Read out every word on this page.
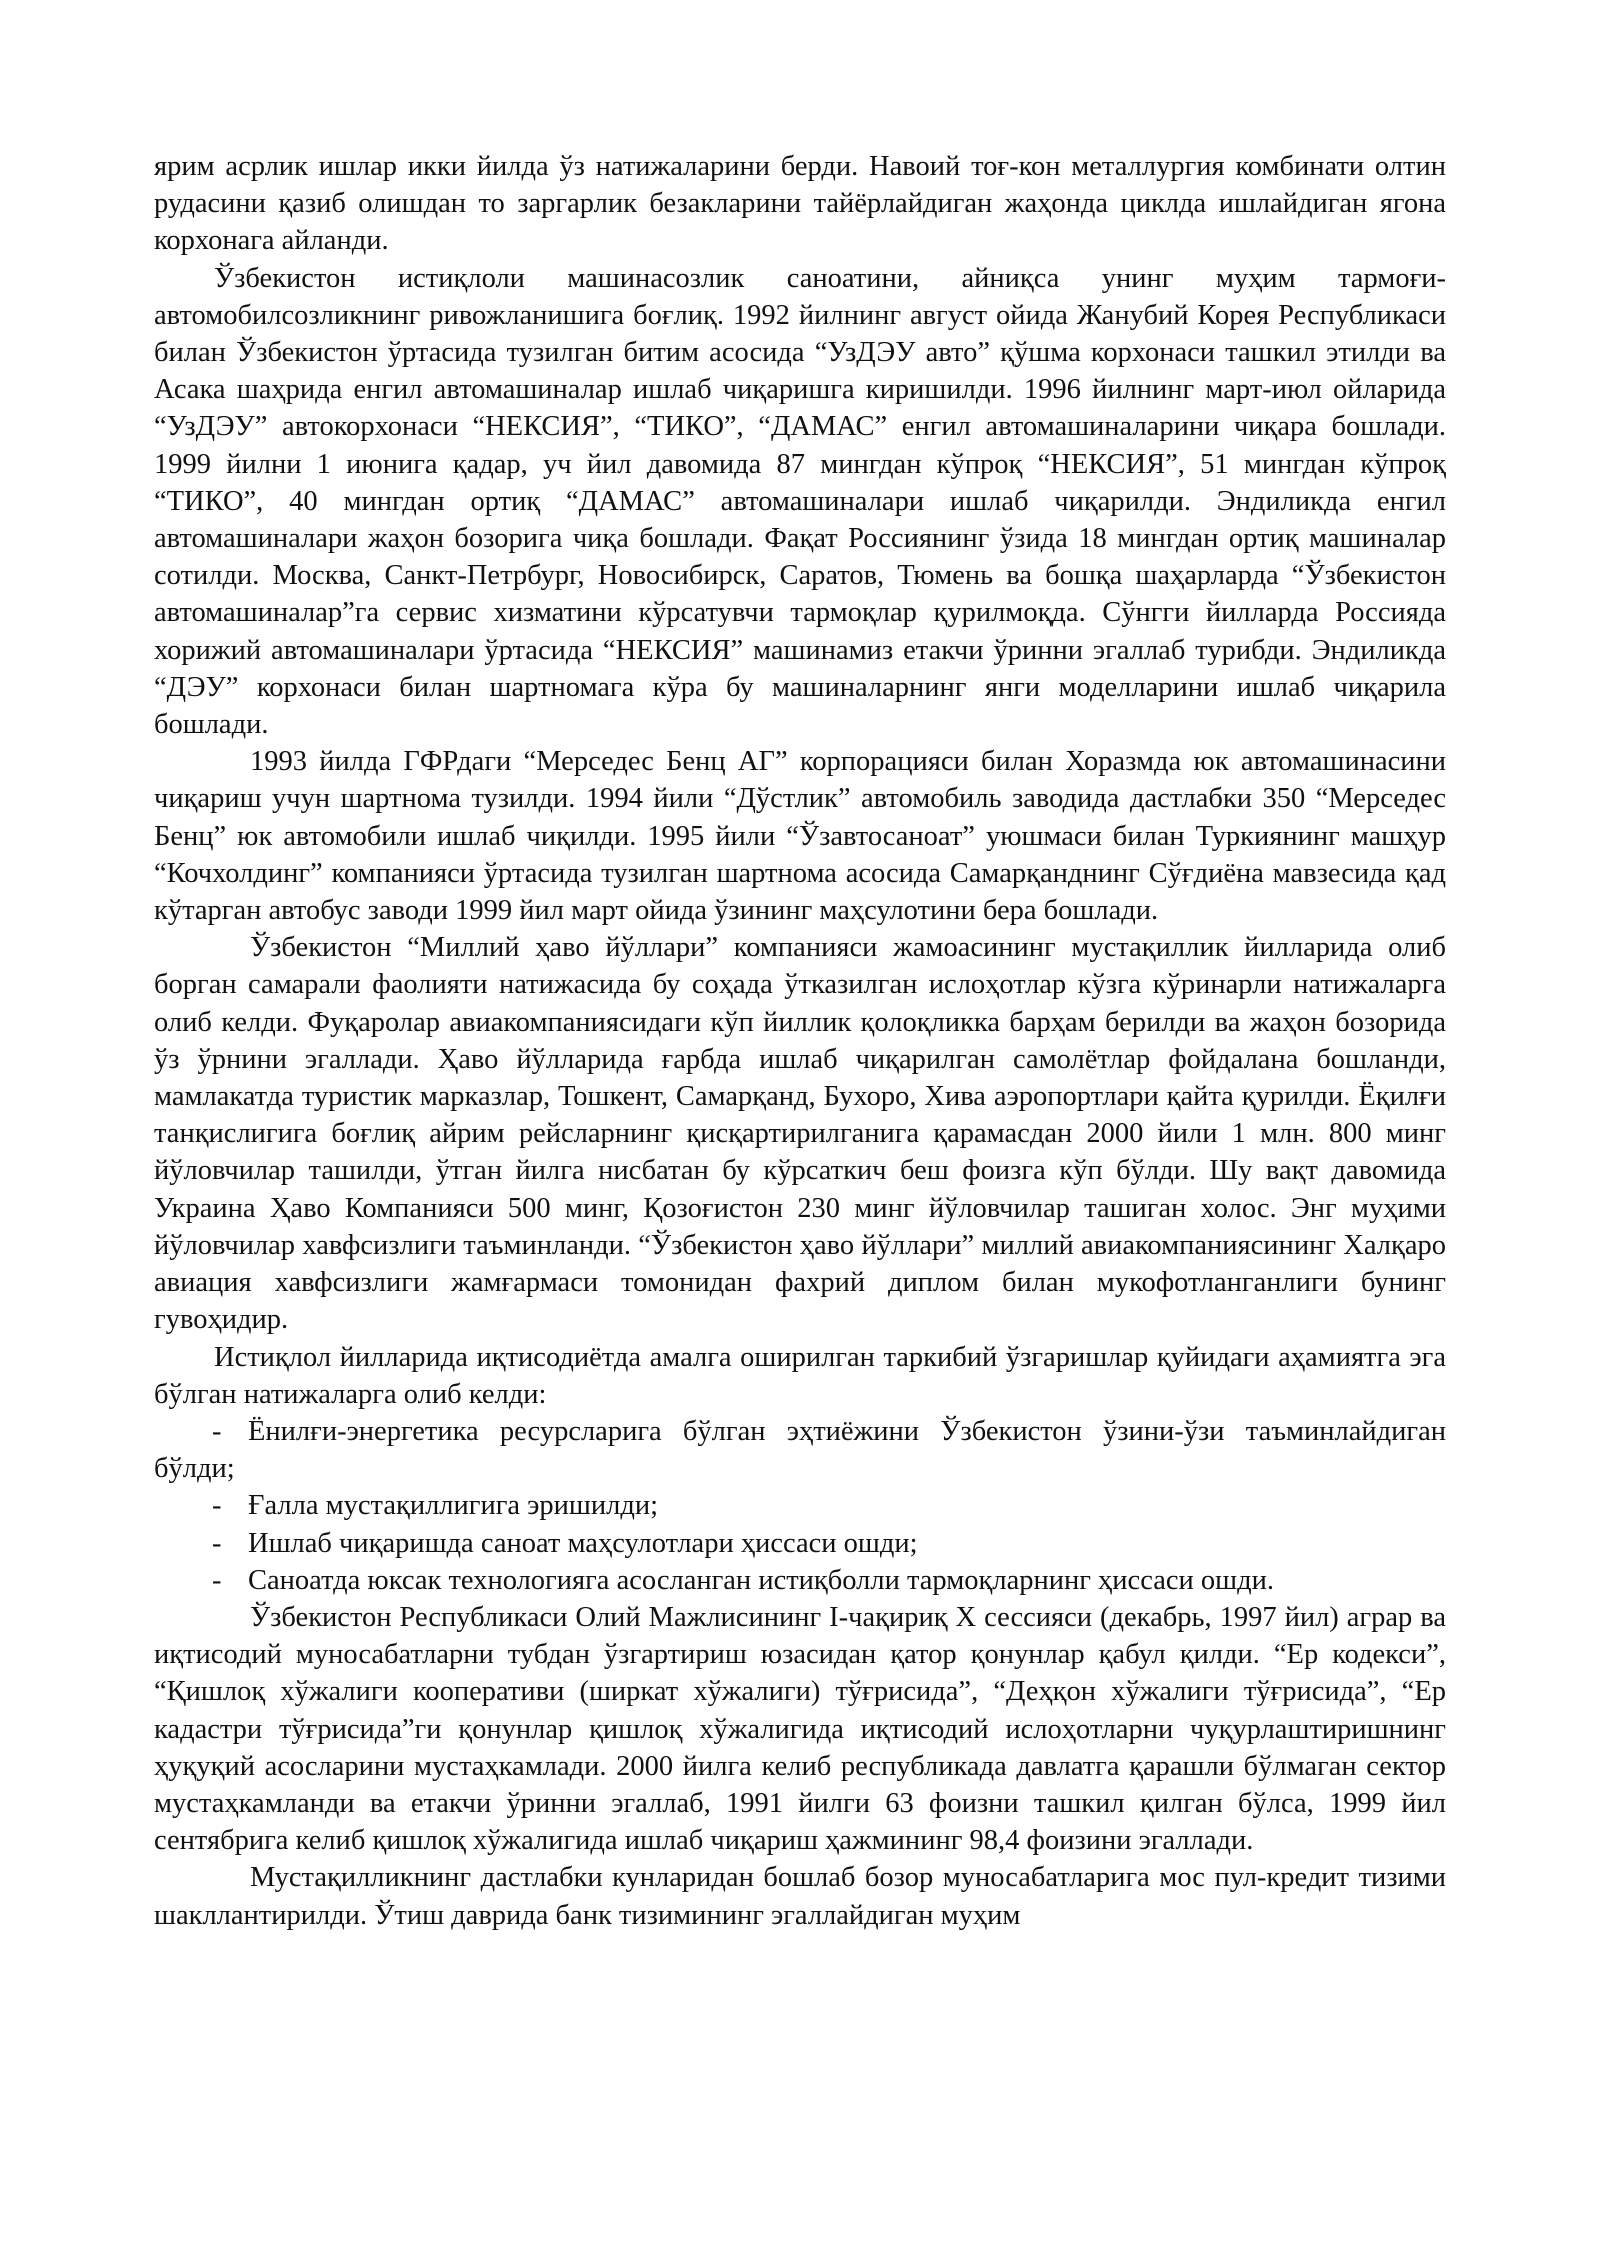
ярим асрлик ишлар икки йилда ўз натижаларини берди. Навоий тоғ-кон металлургия комбинати олтин рудасини қазиб олишдан то заргарлик безакларини тайёрлайдиган жаҳонда циклда ишлайдиган ягона корхонага айланди.

Ўзбекистон истиқлоли машинасозлик саноатини, айниқса унинг муҳим тармоғи-автомобилсозликнинг ривожланишига боғлиқ. 1992 йилнинг август ойида Жанубий Корея Республикаси билан Ўзбекистон ўртасида тузилган битим асосида “УзДЭУ авто” қўшма корхонаси ташкил этилди ва Асака шаҳрида енгил автомашиналар ишлаб чиқаришга киришилди. 1996 йилнинг март-июл ойларида “УзДЭУ” автокорхонаси “НЕКСИЯ”, “ТИКО”, “ДАМАС” енгил автомашиналарини чиқара бошлади. 1999 йилни 1 июнига қадар, уч йил давомида 87 мингдан кўпроқ “НЕКСИЯ”, 51 мингдан кўпроқ “ТИКО”, 40 мингдан ортиқ “ДАМАС” автомашиналари ишлаб чиқарилди. Эндиликда енгил автомашиналари жаҳон бозорига чиқа бошлади. Фақат Россиянинг ўзида 18 мингдан ортиқ машиналар сотилди. Москва, Санкт-Петрбург, Новосибирск, Саратов, Тюмень ва бошқа шаҳарларда “Ўзбекистон автомашиналар”га сервис хизматини кўрсатувчи тармоқлар қурилмоқда. Сўнгги йилларда Россияда хорижий автомашиналари ўртасида “НЕКСИЯ” машинамиз етакчи ўринни эгаллаб турибди. Эндиликда “ДЭУ” корхонаси билан шартномага кўра бу машиналарнинг янги моделларини ишлаб чиқарила бошлади.

1993 йилда ГФРдаги “Мерседес Бенц АГ” корпорацияси билан Хоразмда юк автомашинасини чиқариш учун шартнома тузилди. 1994 йили “Дўстлик” автомобиль заводида дастлабки 350 “Мерседес Бенц” юк автомобили ишлаб чиқилди. 1995 йили “Ўзавтосаноат” уюшмаси билан Туркиянинг машҳур “Кочхолдинг” компанияси ўртасида тузилган шартнома асосида Самарқанднинг Сўғдиёна мавзесида қад кўтарган автобус заводи 1999 йил март ойида ўзининг маҳсулотини бера бошлади.

Ўзбекистон “Миллий ҳаво йўллари” компанияси жамоасининг мустақиллик йилларида олиб борган самарали фаолияти натижасида бу соҳада ўтказилган ислоҳотлар кўзга кўринарли натижаларга олиб келди. Фуқаролар авиакомпаниясидаги кўп йиллик қолоқликка барҳам берилди ва жаҳон бозорида ўз ўрнини эгаллади. Ҳаво йўлларида ғарбда ишлаб чиқарилган самолётлар фойдалана бошланди, мамлакатда туристик марказлар, Тошкент, Самарқанд, Бухоро, Хива аэропортлари қайта қурилди. Ёқилғи танқислигига боғлиқ айрим рейсларнинг қисқартирилганига қарамасдан 2000 йили 1 млн. 800 минг йўловчилар ташилди, ўтган йилга нисбатан бу кўрсаткич беш фоизга кўп бўлди. Шу вақт давомида Украина Ҳаво Компанияси 500 минг, Қозоғистон 230 минг йўловчилар ташиган холос. Энг муҳими йўловчилар хавфсизлиги таъминланди. “Ўзбекистон ҳаво йўллари” миллий авиакомпаниясининг Халқаро авиация хавфсизлиги жамғармаси томонидан фахрий диплом билан мукофотланганлиги бунинг гувоҳидир.

Истиқлол йилларида иқтисодиётда амалга оширилган таркибий ўзгаришлар қуйидаги аҳамиятга эга бўлган натижаларга олиб келди:

- Ёнилғи-энергетика ресурсларига бўлган эҳтиёжини Ўзбекистон ўзини-ўзи таъминлайдиган бўлди;
- Ғалла мустақиллигига эришилди;
- Ишлаб чиқаришда саноат маҳсулотлари ҳиссаси ошди;
- Саноатда юксак технологияга асосланган истиқболли тармоқларнинг ҳиссаси ошди.

Ўзбекистон Республикаси Олий Мажлисининг I-чақириқ X сессияси (декабрь, 1997 йил) аграр ва иқтисодий муносабатларни тубдан ўзгартириш юзасидан қатор қонунлар қабул қилди. “Ер кодекси”, “Қишлоқ хўжалиги кооперативи (ширкат хўжалиги) тўғрисида”, “Деҳқон хўжалиги тўғрисида”, “Ер кадастри тўғрисида”ги қонунлар қишлоқ хўжалигида иқтисодий ислоҳотларни чуқурлаштиришнинг ҳуқуқий асосларини мустаҳкамлади. 2000 йилга келиб республикада давлатга қарашли бўлмаган сектор мустаҳкамланди ва етакчи ўринни эгаллаб, 1991 йилги 63 фоизни ташкил қилган бўлса, 1999 йил сентябрига келиб қишлоқ хўжалигида ишлаб чиқариш ҳажмининг 98,4 фоизини эгаллади.

Мустақилликнинг дастлабки кунларидан бошлаб бозор муносабатларига мос пул-кредит тизими шакллантирилди. Ўтиш даврида банк тизимининг эгаллайдиган муҳим
